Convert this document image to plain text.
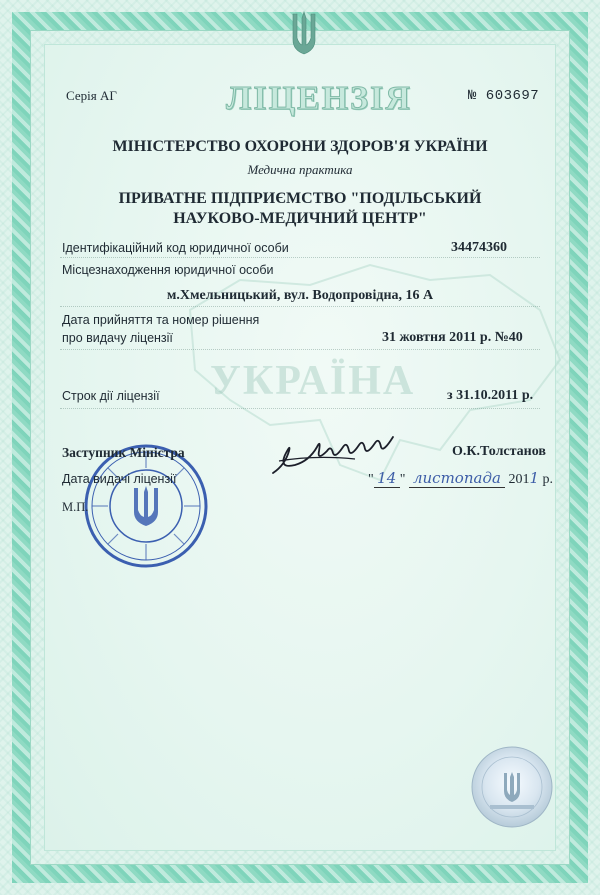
УКРАЇНА
Серія АГ	ЛІЦЕНЗІЯ	№ 603697
МІНІСТЕРСТВО ОХОРОНИ ЗДОРОВ'Я УКРАЇНИ
Медична практика
ПРИВАТНЕ ПІДПРИЄМСТВО "ПОДІЛЬСЬКИЙ
НАУКОВО-МЕДИЧНИЙ ЦЕНТР"
Ідентифікаційний код юридичної особи	34474360
Місцезнаходження юридичної особи
м.Хмельницький, вул. Водопровідна, 16 А
Дата прийняття та номер рішення
про видачу ліцензії	31 жовтня 2011 р. №40
Строк дії ліцензії	з 31.10.2011 р.
Заступник Міністра	О.К.Толстанов
Дата видачі ліцензії	" 14 " листопада 2011 р.
М.П.
